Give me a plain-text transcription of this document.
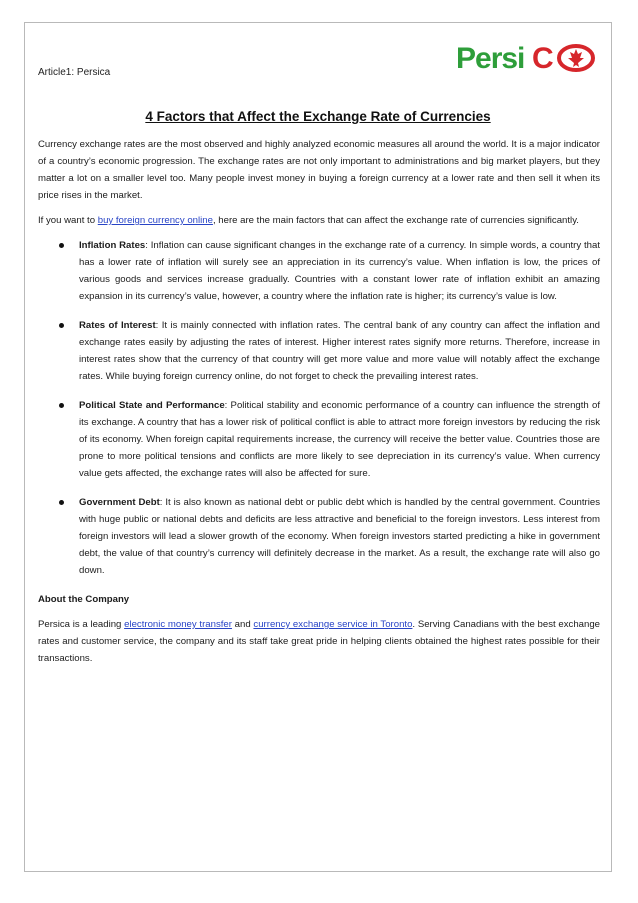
Article1: Persica	Persi C
4 Factors that Affect the Exchange Rate of Currencies

Currency exchange rates are the most observed and highly analyzed economic measures all around the world. It is a major indicator of a country’s economic progression. The exchange rates are not only important to administrations and big market players, but they matter a lot on a smaller level too. Many people invest money in buying a foreign currency at a lower rate and then sell it when its price rises in the market.

If you want to buy foreign currency online, here are the main factors that can affect the exchange rate of currencies significantly.

Inflation Rates: Inflation can cause significant changes in the exchange rate of a currency. In simple words, a country that has a lower rate of inflation will surely see an appreciation in its currency’s value. When inflation is low, the prices of various goods and services increase gradually. Countries with a constant lower rate of inflation exhibit an amazing expansion in its currency’s value, however, a country where the inflation rate is higher; its currency’s value is low.
Rates of Interest: It is mainly connected with inflation rates. The central bank of any country can affect the inflation and exchange rates easily by adjusting the rates of interest. Higher interest rates signify more returns. Therefore, increase in interest rates show that the currency of that country will get more value and more value will notably affect the exchange rates. While buying foreign currency online, do not forget to check the prevailing interest rates.
Political State and Performance: Political stability and economic performance of a country can influence the strength of its exchange. A country that has a lower risk of political conflict is able to attract more foreign investors by reducing the risk of its economy. When foreign capital requirements increase, the currency will receive the better value. Countries those are prone to more political tensions and conflicts are more likely to see depreciation in its currency’s value. When currency value gets affected, the exchange rates will also be affected for sure.
Government Debt: It is also known as national debt or public debt which is handled by the central government. Countries with huge public or national debts and deficits are less attractive and beneficial to the foreign investors. Less interest from foreign investors will lead a slower growth of the economy. When foreign investors started predicting a hike in government debt, the value of that country’s currency will definitely decrease in the market. As a result, the exchange rate will also go down.

About the Company

Persica is a leading electronic money transfer and currency exchange service in Toronto. Serving Canadians with the best exchange rates and customer service, the company and its staff take great pride in helping clients obtained the highest rates possible for their transactions.
